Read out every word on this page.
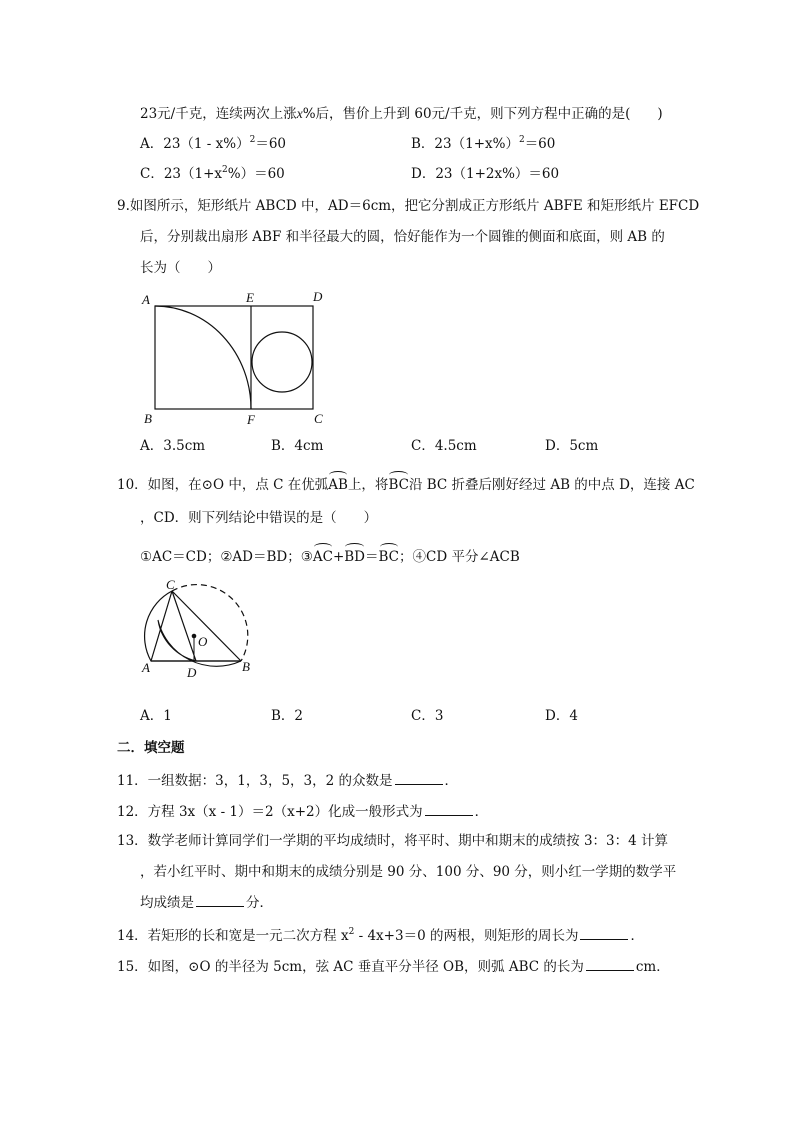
23元/千克，连续两次上涨x%后，售价上升到 60元/千克，则下列方程中正确的是(　　)
A．23（1 - x%）$^2$＝60	B．$23(1+x\%)^2=60$
C．$23(1+x^2\%)=60$	D．23（1+2x%）＝60
9.如图所示，矩形纸片 ABCD 中，AD＝6cm，把它分割成正方形纸片 ABFE 和矩形纸片 EFCD
后，分别裁出扇形 ABF 和半径最大的圆，恰好能作为一个圆锥的侧面和底面，则 AB 的
长为（　　）
A	E	D
B	F	C
A．3.5cm	B．4cm	C．4.5cm	D．5cm
10．如图，在⊙O 中，点 C 在优弧AB上，将BC沿 BC 折叠后刚好经过 AB 的中点 D，连接 AC
，CD．则下列结论中错误的是（　　）
①AC＝CD；②AD＝BD；③AC+BD＝BC；④CD 平分∠ACB
C
O
A	D	B
A．1	B．2	C．3	D．4
二．填空题
11．一组数据：3，1，3，5，3，2 的众数是	．
12．方程 3x（x - 1）＝2（x+2）化成一般形式为	．
13．数学老师计算同学们一学期的平均成绩时，将平时、期中和期末的成绩按 3：3：4 计算
，若小红平时、期中和期末的成绩分别是 90 分、100 分、90 分，则小红一学期的数学平
均成绩是	分．
14．若矩形的长和宽是一元二次方程 $x^2 - 4x+3=0$ 的两根，则矩形的周长为	．
15．如图，⊙O 的半径为 5cm，弦 AC 垂直平分半径 OB，则弧 ABC 的长为	cm．
